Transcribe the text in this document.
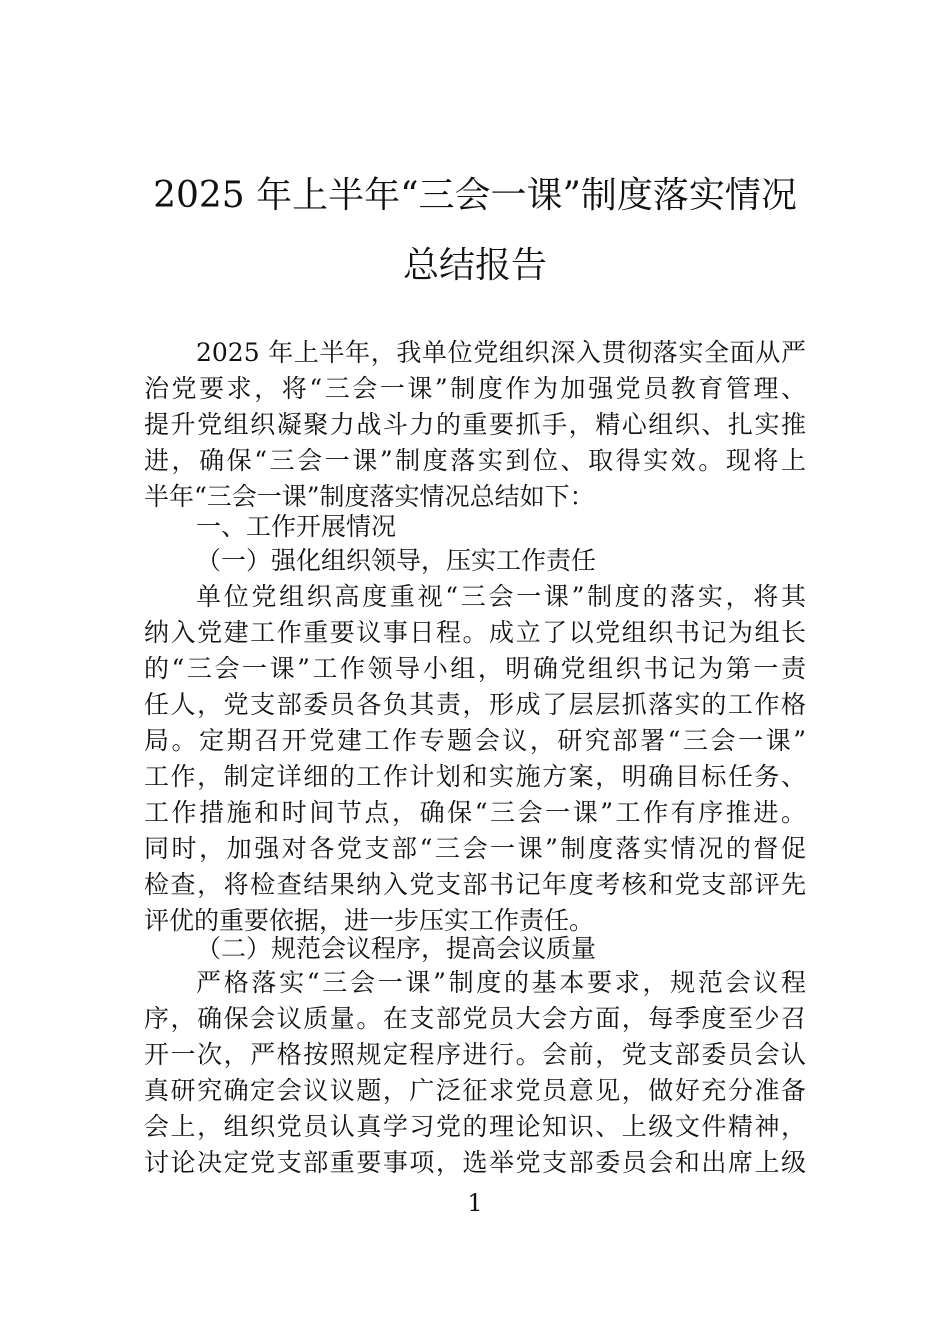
2025 年上半年“三会一课”制度落实情况
总结报告
2025 年上半年，我单位党组织深入贯彻落实全面从严
治党要求，将“三会一课”制度作为加强党员教育管理、
提升党组织凝聚力战斗力的重要抓手，精心组织、扎实推
进，确保“三会一课”制度落实到位、取得实效。现将上
半年“三会一课”制度落实情况总结如下：
一、工作开展情况
（一）强化组织领导，压实工作责任
单位党组织高度重视“三会一课”制度的落实，将其
纳入党建工作重要议事日程。成立了以党组织书记为组长
的“三会一课”工作领导小组，明确党组织书记为第一责
任人，党支部委员各负其责，形成了层层抓落实的工作格
局。定期召开党建工作专题会议，研究部署“三会一课”
工作，制定详细的工作计划和实施方案，明确目标任务、
工作措施和时间节点，确保“三会一课”工作有序推进。
同时，加强对各党支部“三会一课”制度落实情况的督促
检查，将检查结果纳入党支部书记年度考核和党支部评先
评优的重要依据，进一步压实工作责任。
（二）规范会议程序，提高会议质量
严格落实“三会一课”制度的基本要求，规范会议程
序，确保会议质量。在支部党员大会方面，每季度至少召
开一次，严格按照规定程序进行。会前，党支部委员会认
真研究确定会议议题，广泛征求党员意见，做好充分准备
会上，组织党员认真学习党的理论知识、上级文件精神，
讨论决定党支部重要事项，选举党支部委员会和出席上级
1
